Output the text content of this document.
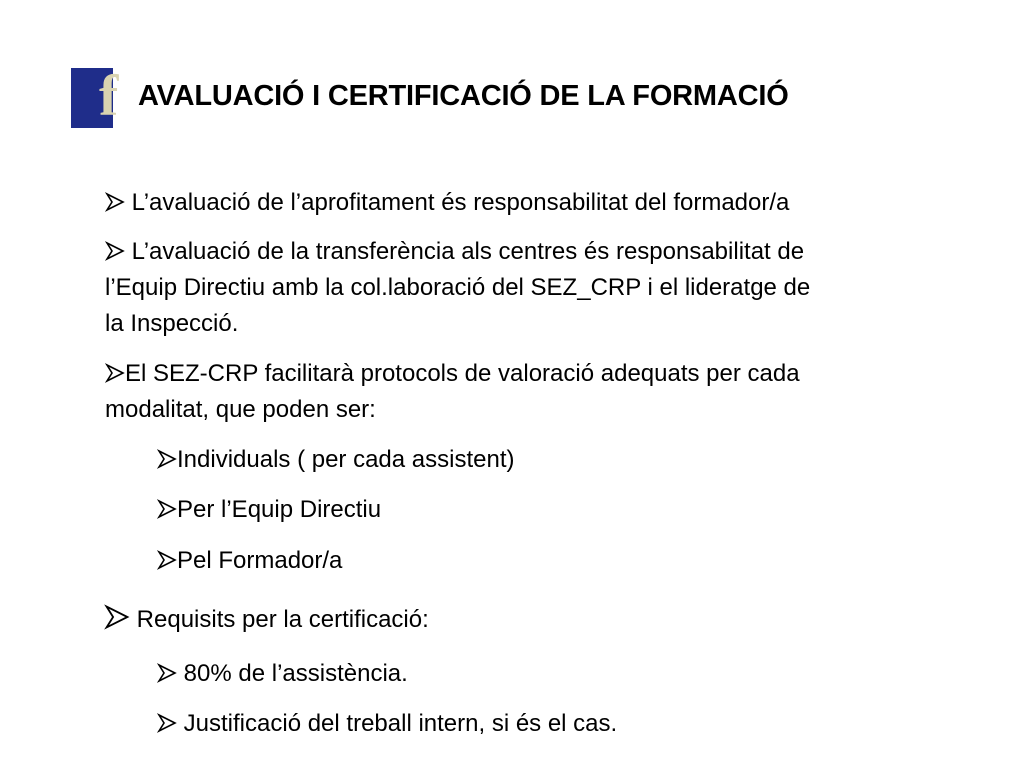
f AVALUACIÓ I CERTIFICACIÓ DE LA FORMACIÓ
L’avaluació de l’aprofitament és responsabilitat del formador/a
L’avaluació de la transferència als centres és responsabilitat de
l’Equip Directiu amb la col.laboració del SEZ_CRP i el lideratge de
la Inspecció.
El SEZ-CRP facilitarà protocols de valoració adequats per cada
modalitat, que poden ser:
Individuals ( per cada assistent)
Per l’Equip Directiu
Pel Formador/a
Requisits per la certificació:
80% de l’assistència.
Justificació del treball intern, si és el cas.
